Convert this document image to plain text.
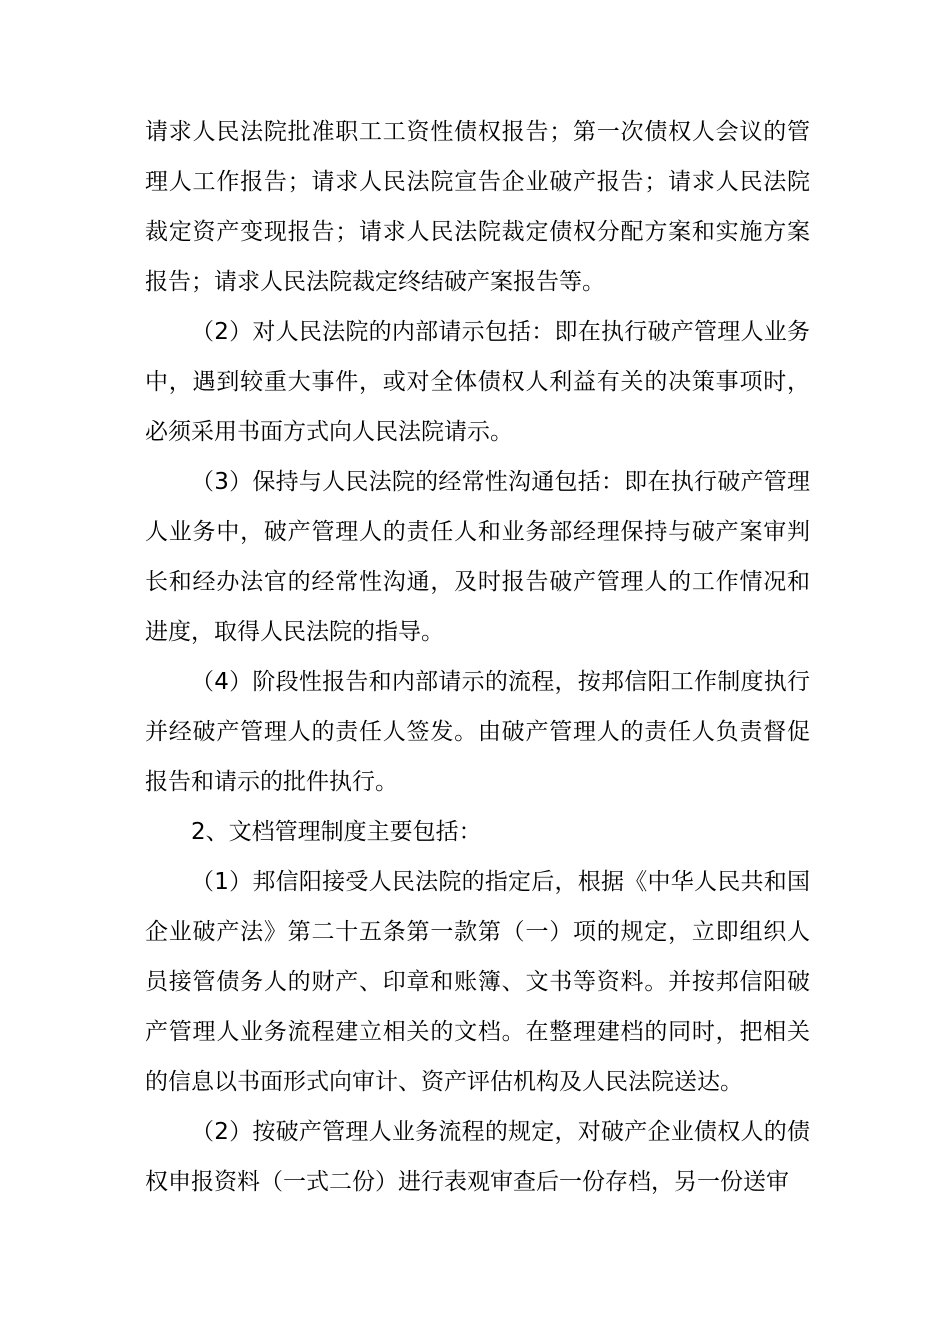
请求人民法院批准职工工资性债权报告；第一次债权人会议的管理人工作报告；请求人民法院宣告企业破产报告；请求人民法院裁定资产变现报告；请求人民法院裁定债权分配方案和实施方案报告；请求人民法院裁定终结破产案报告等。

（2）对人民法院的内部请示包括：即在执行破产管理人业务中，遇到较重大事件，或对全体债权人利益有关的决策事项时，必须采用书面方式向人民法院请示。

（3）保持与人民法院的经常性沟通包括：即在执行破产管理人业务中，破产管理人的责任人和业务部经理保持与破产案审判长和经办法官的经常性沟通，及时报告破产管理人的工作情况和进度，取得人民法院的指导。

（4）阶段性报告和内部请示的流程，按邦信阳工作制度执行并经破产管理人的责任人签发。由破产管理人的责任人负责督促报告和请示的批件执行。

2、文档管理制度主要包括：

（1）邦信阳接受人民法院的指定后，根据《中华人民共和国企业破产法》第二十五条第一款第（一）项的规定，立即组织人员接管债务人的财产、印章和账簿、文书等资料。并按邦信阳破产管理人业务流程建立相关的文档。在整理建档的同时，把相关的信息以书面形式向审计、资产评估机构及人民法院送达。

（2）按破产管理人业务流程的规定，对破产企业债权人的债权申报资料（一式二份）进行表观审查后一份存档，另一份送审
